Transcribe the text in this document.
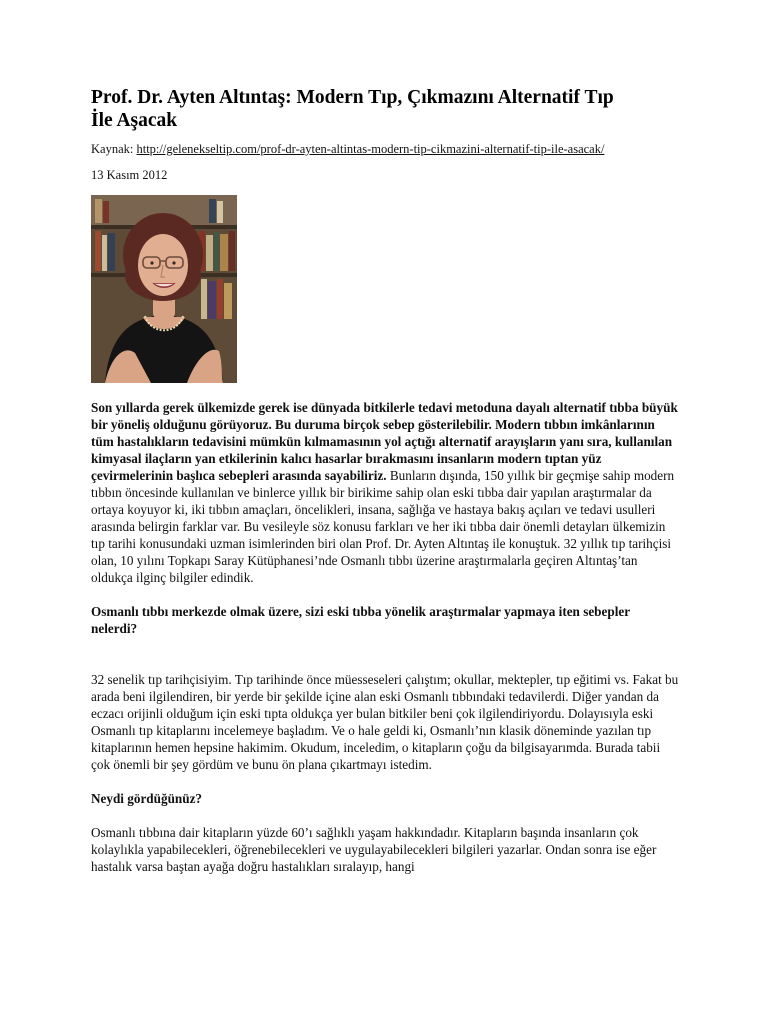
Prof. Dr. Ayten Altıntaş: Modern Tıp, Çıkmazını Alternatif Tıp
İle Aşacak
Kaynak: http://gelenekseltip.com/prof-dr-ayten-altintas-modern-tip-cikmazini-alternatif-tip-ile-asacak/
13 Kasım 2012
Son yıllarda gerek ülkemizde gerek ise dünyada bitkilerle tedavi metoduna dayalı alternatif tıbba büyük bir yöneliş olduğunu görüyoruz. Bu duruma birçok sebep gösterilebilir. Modern tıbbın imkânlarının tüm hastalıkların tedavisini mümkün kılmamasının yol açtığı alternatif arayışların yanı sıra, kullanılan kimyasal ilaçların yan etkilerinin kalıcı hasarlar bırakmasını insanların modern tıptan yüz çevirmelerinin başlıca sebepleri arasında sayabiliriz. Bunların dışında, 150 yıllık bir geçmişe sahip modern tıbbın öncesinde kullanılan ve binlerce yıllık bir birikime sahip olan eski tıbba dair yapılan araştırmalar da ortaya koyuyor ki, iki tıbbın amaçları, öncelikleri, insana, sağlığa ve hastaya bakış açıları ve tedavi usulleri arasında belirgin farklar var. Bu vesileyle söz konusu farkları ve her iki tıbba dair önemli detayları ülkemizin tıp tarihi konusundaki uzman isimlerinden biri olan Prof. Dr. Ayten Altıntaş ile konuştuk. 32 yıllık tıp tarihçisi olan, 10 yılını Topkapı Saray Kütüphanesi’nde Osmanlı tıbbı üzerine araştırmalarla geçiren Altıntaş’tan oldukça ilginç bilgiler edindik.
Osmanlı tıbbı merkezde olmak üzere, sizi eski tıbba yönelik araştırmalar yapmaya iten sebepler nelerdi?
32 senelik tıp tarihçisiyim. Tıp tarihinde önce müesseseleri çalıştım; okullar, mektepler, tıp eğitimi vs. Fakat bu arada beni ilgilendiren, bir yerde bir şekilde içine alan eski Osmanlı tıbbındaki tedavilerdi. Diğer yandan da eczacı orijinli olduğum için eski tıpta oldukça yer bulan bitkiler beni çok ilgilendiriyordu. Dolayısıyla eski Osmanlı tıp kitaplarını incelemeye başladım. Ve o hale geldi ki, Osmanlı’nın klasik döneminde yazılan tıp kitaplarının hemen hepsine hakimim. Okudum, inceledim, o kitapların çoğu da bilgisayarımda. Burada tabii çok önemli bir şey gördüm ve bunu ön plana çıkartmayı istedim.
Neydi gördüğünüz?
Osmanlı tıbbına dair kitapların yüzde 60’ı sağlıklı yaşam hakkındadır. Kitapların başında insanların çok kolaylıkla yapabilecekleri, öğrenebilecekleri ve uygulayabilecekleri bilgileri yazarlar. Ondan sonra ise eğer hastalık varsa baştan ayağa doğru hastalıkları sıralayıp, hangi
